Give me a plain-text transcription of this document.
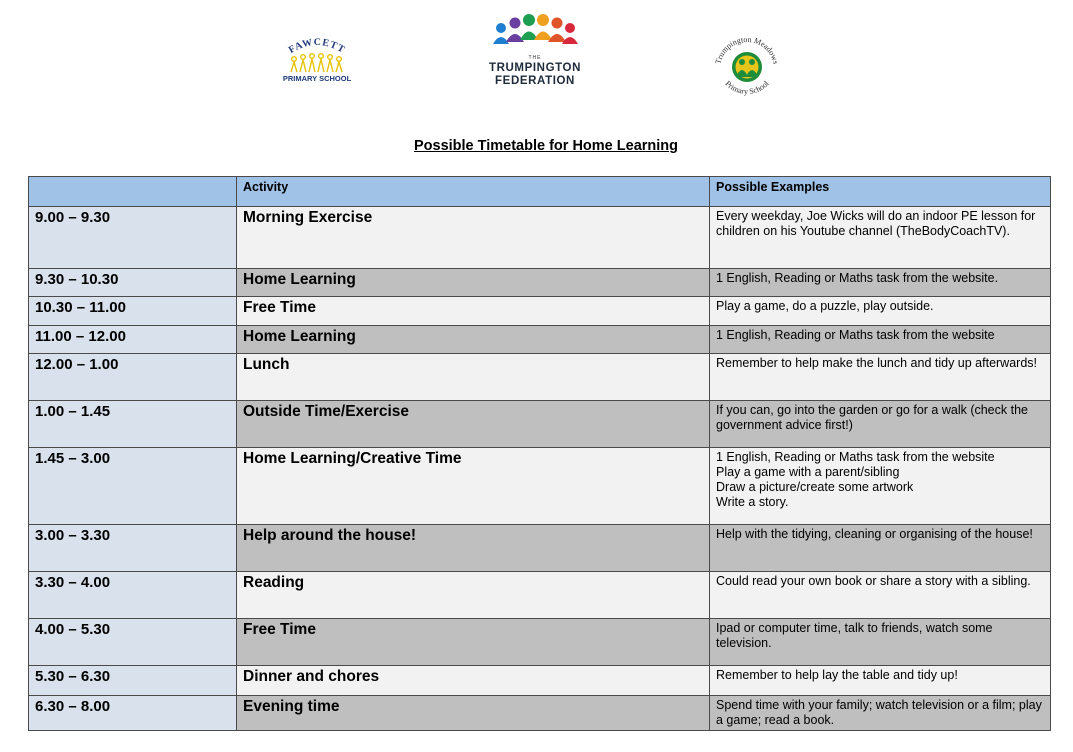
FAWCETT
PRIMARY SCHOOL
THE
TRUMPINGTON
FEDERATION
Trumpington Meadows
Primary School
Possible Timetable for Home Learning
	Activity	Possible Examples
9.00 – 9.30	Morning Exercise	Every weekday, Joe Wicks will do an indoor PE lesson for children on his Youtube channel (TheBodyCoachTV).

9.30 – 10.30	Home Learning	1 English, Reading or Maths task from the website.

10.30 – 11.00	Free Time	Play a game, do a puzzle, play outside.

11.00 – 12.00	Home Learning	1 English, Reading or Maths task from the website

12.00 – 1.00	Lunch	Remember to help make the lunch and tidy up afterwards!

1.00 – 1.45	Outside Time/Exercise	If you can, go into the garden or go for a walk (check the government advice first!)

1.45 – 3.00	Home Learning/Creative Time	1 English, Reading or Maths task from the website
Play a game with a parent/sibling
Draw a picture/create some artwork
Write a story.

3.00 – 3.30	Help around the house!	Help with the tidying, cleaning or organising of the house!

3.30 – 4.00	Reading	Could read your own book or share a story with a sibling.

4.00 – 5.30	Free Time	Ipad or computer time, talk to friends, watch some television.

5.30 – 6.30	Dinner and chores	Remember to help lay the table and tidy up!

6.30 – 8.00	Evening time	Spend time with your family; watch television or a film; play a game; read a book.
